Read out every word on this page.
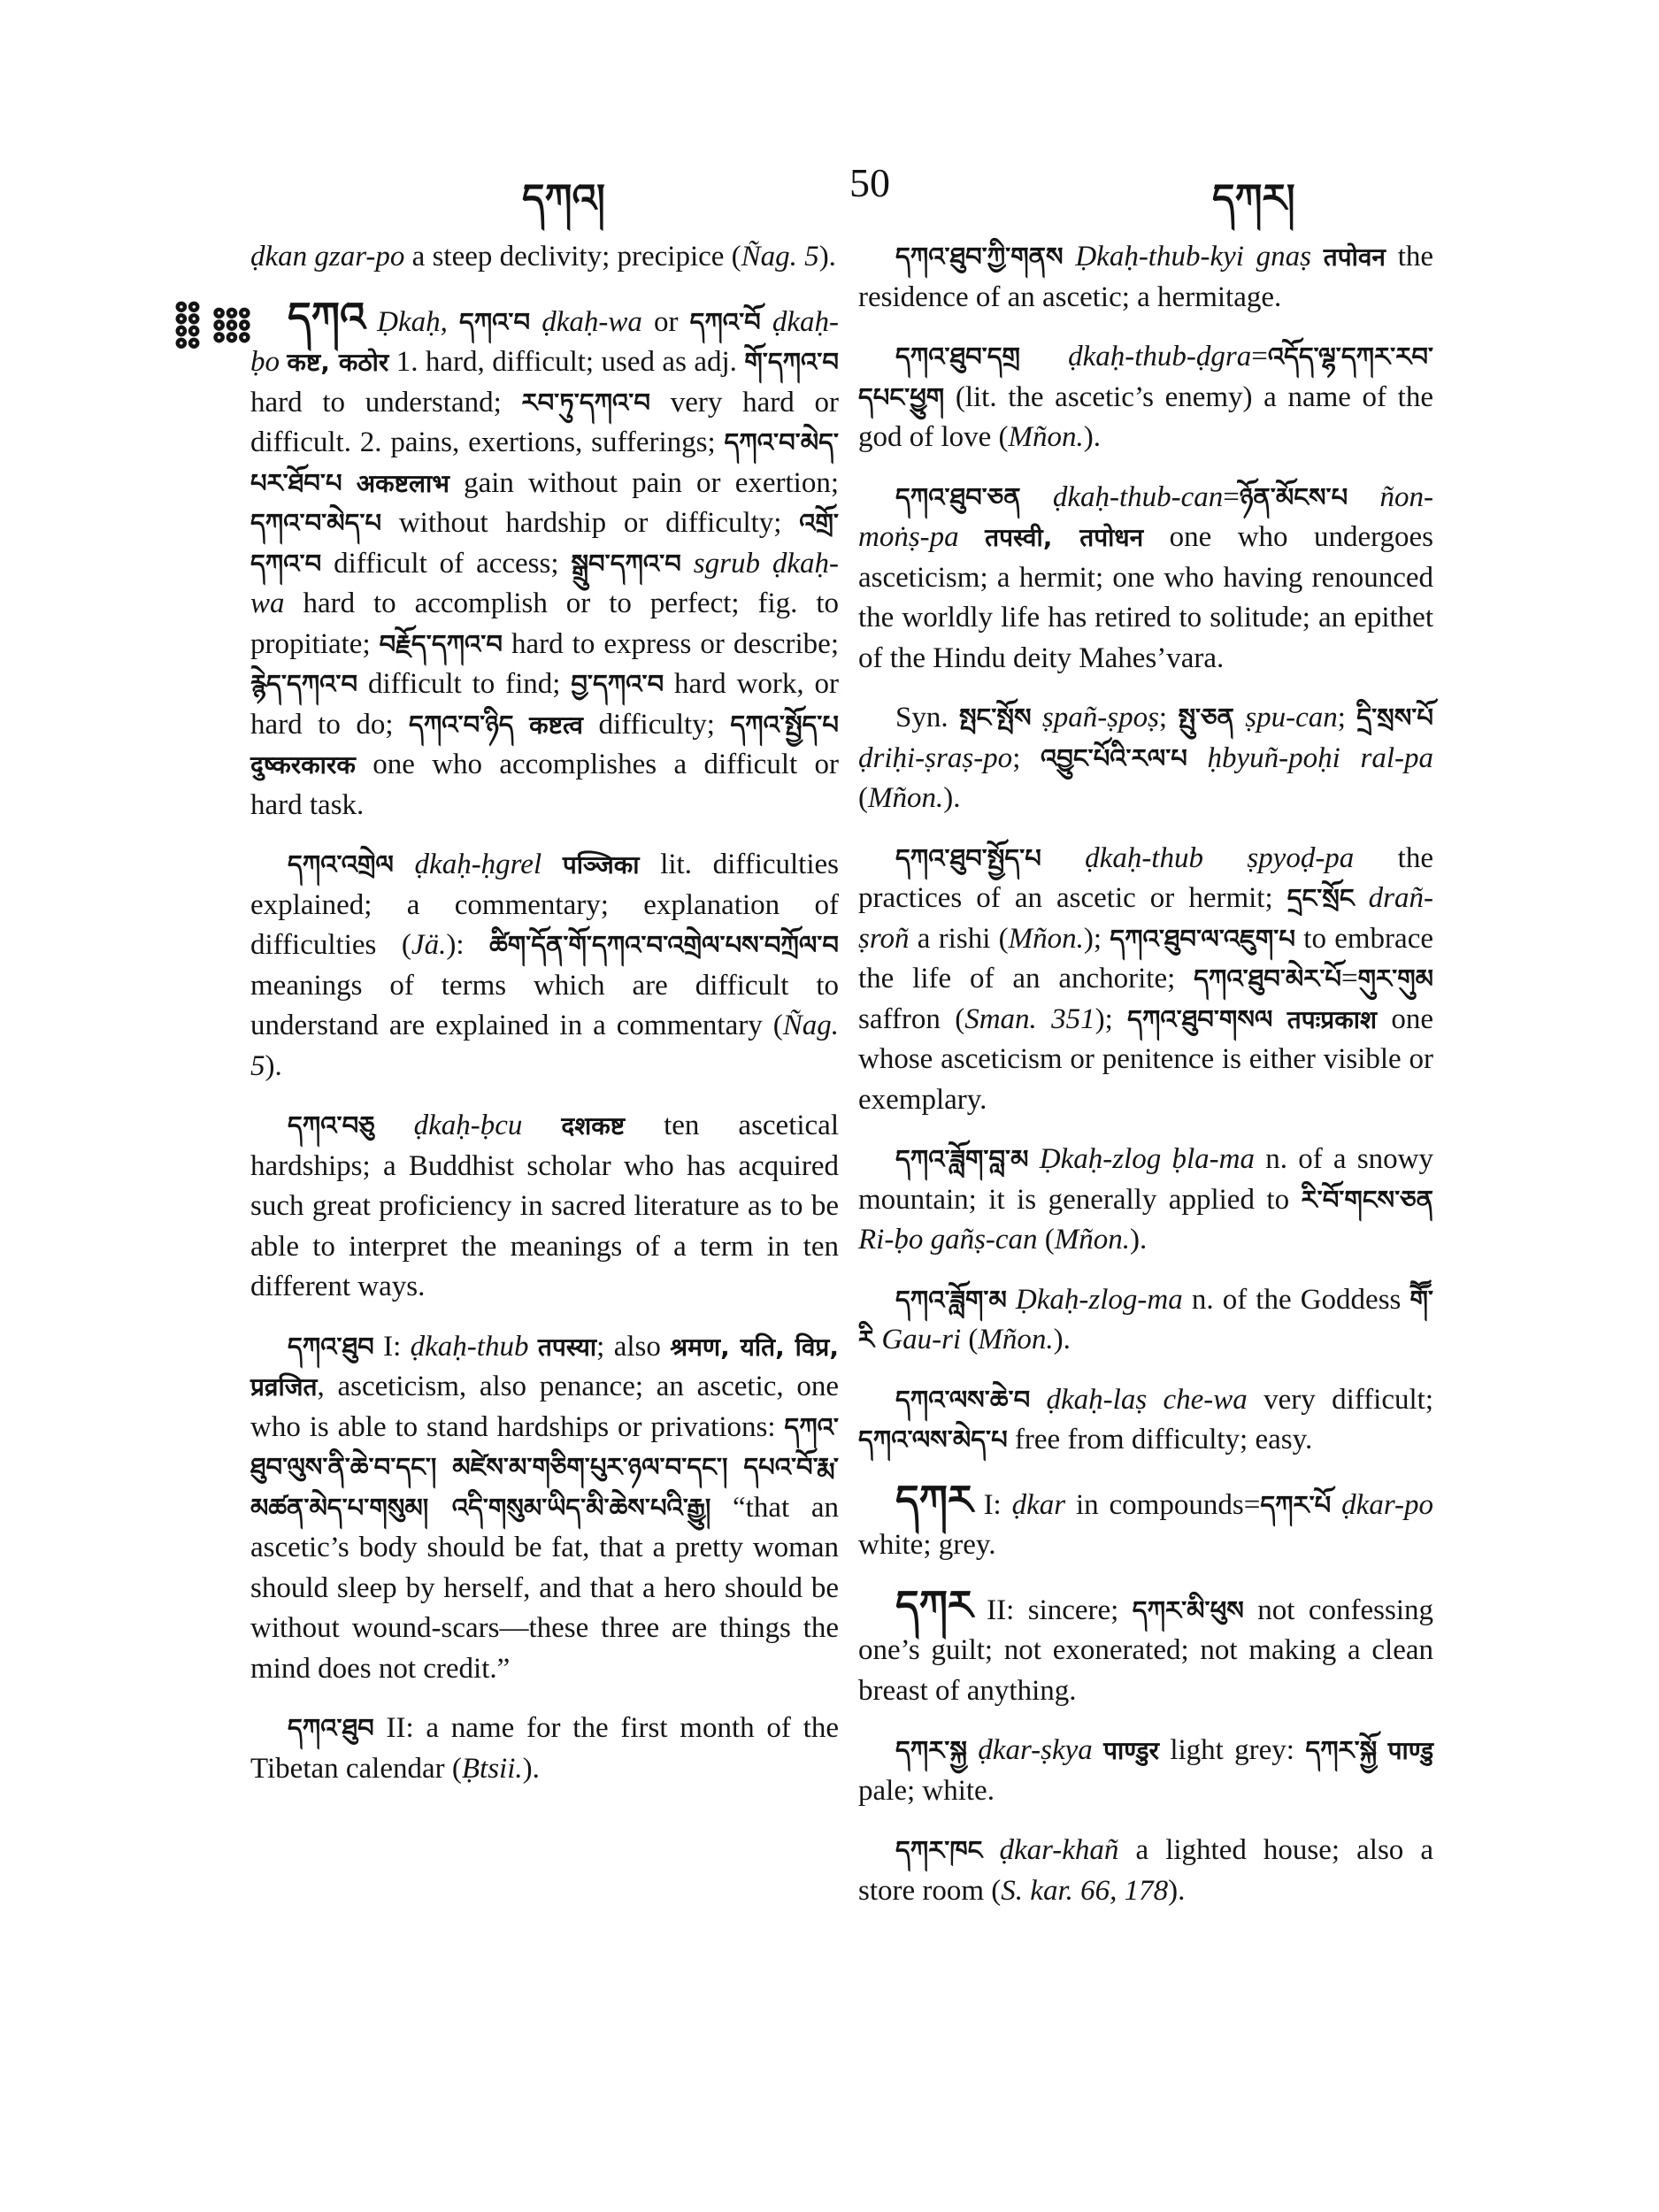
དཀའ།	50	དཀར།
𐄠𐄡

ḍkan gzar-po a steep declivity; precipice (Ñag. 5).

དཀའ Ḍkaḥ, དཀའ་བ ḍkaḥ-wa or དཀའ་བོ ḍkaḥ-ḅo कष्ट, कठोर 1. hard, difficult; used as adj. གོ་དཀའ་བ hard to understand; རབ་ཏུ་དཀའ་བ very hard or difficult. 2. pains, exertions, sufferings; དཀའ་བ་མེད་པར་ཐོབ་པ अकष्टलाभ gain without pain or exertion; དཀའ་བ་མེད་པ without hardship or difficulty; འགྲོ་དཀའ་བ difficult of access; སྒྲུབ་དཀའ་བ sgrub ḍkaḥ-wa hard to accomplish or to perfect; fig. to propitiate; བརྗོད་དཀའ་བ hard to express or describe; རྙེད་དཀའ་བ difficult to find; བྱ་དཀའ་བ hard work, or hard to do; དཀའ་བ་ཉིད कष्टत्व difficulty; དཀའ་སྤྱོད་པ दुष्करकारक one who accomplishes a difficult or hard task.

དཀའ་འགྲེལ ḍkaḥ-ḥgrel पञ्जिका lit. difficulties explained; a commentary; explanation of difficulties (Jä.): ཚིག་དོན་གོ་དཀའ་བ་འགྲེལ་པས་བཀྲོལ་བ meanings of terms which are difficult to understand are explained in a commentary (Ñag. 5).

དཀའ་བཅུ ḍkaḥ-ḅcu दशकष्ट ten ascetical hardships; a Buddhist scholar who has acquired such great proficiency in sacred literature as to be able to interpret the meanings of a term in ten different ways.

དཀའ་ཐུབ I: ḍkaḥ-thub तपस्या; also श्रमण, यति, विप्र, प्रव्रजित, asceticism, also penance; an ascetic, one who is able to stand hardships or privations: དཀའ་ཐུབ་ལུས་ནི་ཆེ་བ་དང་། མཛེས་མ་གཅིག་པུར་ཉལ་བ་དང་། དཔའ་བོ་རྨ་མཚན་མེད་པ་གསུམ། འདི་གསུམ་ཡིད་མི་ཆེས་པའི་རྒྱུ། “that an ascetic’s body should be fat, that a pretty woman should sleep by herself, and that a hero should be without wound-scars—these three are things the mind does not credit.”

དཀའ་ཐུབ II: a name for the first month of the Tibetan calendar (Ḅtsii.).

དཀའ་ཐུབ་ཀྱི་གནས Ḍkaḥ-thub-kyi gnaṣ तपोवन the residence of an ascetic; a hermitage.

དཀའ་ཐུབ་དགྲ ḍkaḥ-thub-ḍgra=འདོད་ལྷ་དཀར་རབ་དཔང་ཕྱུག (lit. the ascetic’s enemy) a name of the god of love (Mñon.).

དཀའ་ཐུབ་ཅན ḍkaḥ-thub-can=ཉོན་མོངས་པ ñon-moṅṣ-pa तपस्वी, तपोधन one who undergoes asceticism; a hermit; one who having renounced the worldly life has retired to solitude; an epithet of the Hindu deity Mahes’vara.

Syn. སྤང་སྤོས ṣpañ-ṣpoṣ; སྤུ་ཅན ṣpu-can; དྲི་སྲས་པོ ḍriḥi-ṣraṣ-po; འབྱུང་པོའི་རལ་པ ḥbyuñ-poḥi ral-pa (Mñon.).

དཀའ་ཐུབ་སྤྱོད་པ ḍkaḥ-thub ṣpyoḍ-pa the practices of an ascetic or hermit; དྲང་སྲོང drañ-ṣroñ a rishi (Mñon.); དཀའ་ཐུབ་ལ་འཇུག་པ to embrace the life of an anchorite; དཀའ་ཐུབ་མེར་པོ=གུར་གུམ saffron (Sman. 351); དཀའ་ཐུབ་གསལ तपःप्रकाश one whose asceticism or penitence is either visible or exemplary.

དཀའ་ཟློག་བླ་མ Ḍkaḥ-zlog ḅla-ma n. of a snowy mountain; it is generally applied to རི་བོ་གངས་ཅན Ri-ḅo gañṣ-can (Mñon.).

དཀའ་ཟློག་མ Ḍkaḥ-zlog-ma n. of the Goddess གཽ་རི Gau-ri (Mñon.).

དཀའ་ལས་ཆེ་བ ḍkaḥ-laṣ che-wa very difficult; དཀའ་ལས་མེད་པ free from difficulty; easy.

དཀར I: ḍkar in compounds=དཀར་པོ ḍkar-po white; grey.

དཀར II: sincere; དཀར་མི་ཕུས not confessing one’s guilt; not exonerated; not making a clean breast of anything.

དཀར་སྐྱ ḍkar-ṣkya पाण्डुर light grey: དཀར་སྐྱོ पाण्डु pale; white.

དཀར་ཁང ḍkar-khañ a lighted house; also a store room (S. kar. 66, 178).
